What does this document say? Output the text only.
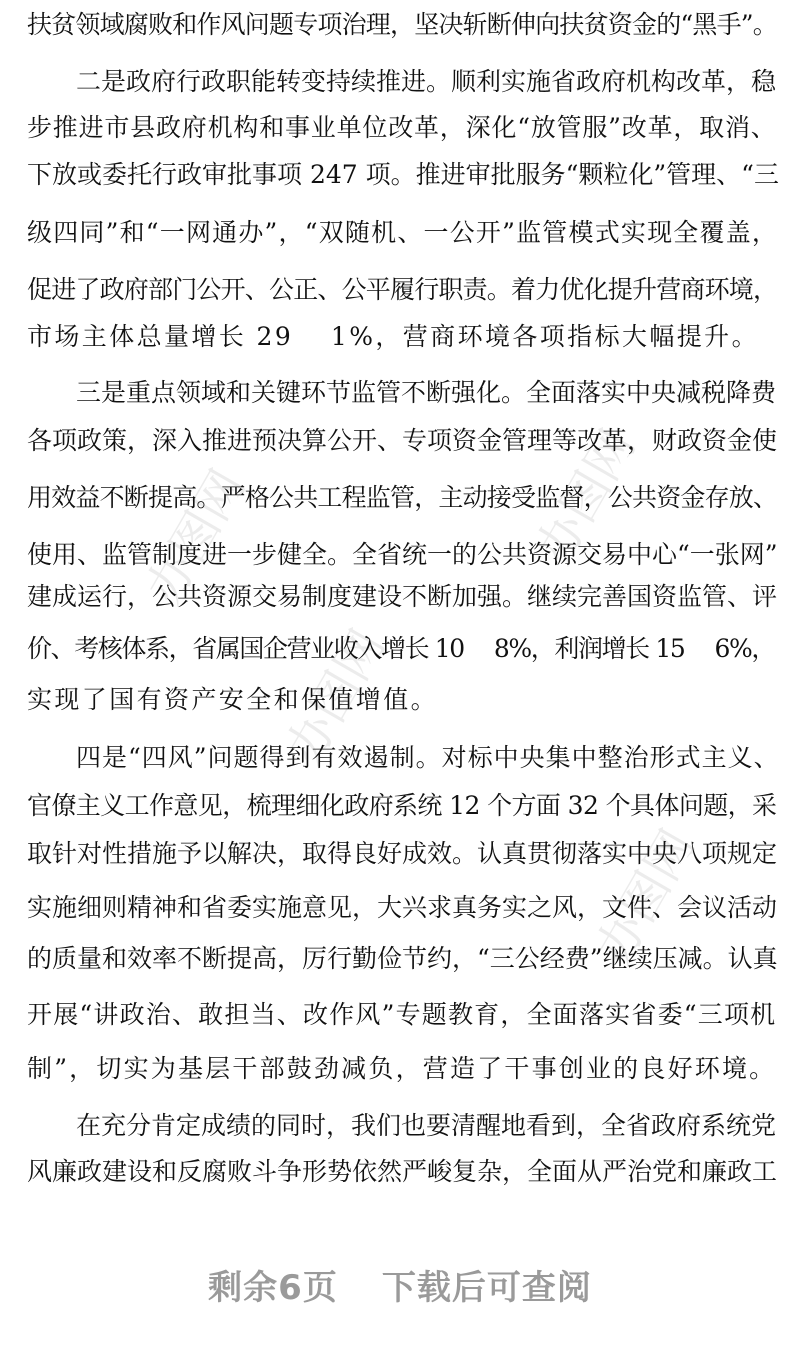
办图网	办图网
办图网
办图网
扶贫领域腐败和作风问题专项治理，坚决斩断伸向扶贫资金的“黑手”。
二是政府行政职能转变持续推进。顺利实施省政府机构改革，稳
步推进市县政府机构和事业单位改革，深化“放管服”改革，取消、
下放或委托行政审批事项 247 项。推进审批服务“颗粒化”管理、“三
级四同”和“一网通办”，“双随机、一公开”监管模式实现全覆盖，
促进了政府部门公开、公正、公平履行职责。着力优化提升营商环境，
市场主体总量增长 29　 1%，营商环境各项指标大幅提升。
三是重点领域和关键环节监管不断强化。全面落实中央减税降费
各项政策，深入推进预决算公开、专项资金管理等改革，财政资金使
用效益不断提高。严格公共工程监管，主动接受监督，公共资金存放、
使用、监管制度进一步健全。全省统一的公共资源交易中心“一张网”
建成运行，公共资源交易制度建设不断加强。继续完善国资监管、评
价、考核体系，省属国企营业收入增长 10　 8%，利润增长 15　 6%，
实现了国有资产安全和保值增值。
四是“四风”问题得到有效遏制。对标中央集中整治形式主义、
官僚主义工作意见，梳理细化政府系统 12 个方面 32 个具体问题，采
取针对性措施予以解决，取得良好成效。认真贯彻落实中央八项规定
实施细则精神和省委实施意见，大兴求真务实之风，文件、会议活动
的质量和效率不断提高，厉行勤俭节约，“三公经费”继续压减。认真
开展“讲政治、敢担当、改作风”专题教育，全面落实省委“三项机
制”，切实为基层干部鼓劲减负，营造了干事创业的良好环境。
在充分肯定成绩的同时，我们也要清醒地看到，全省政府系统党
风廉政建设和反腐败斗争形势依然严峻复杂，全面从严治党和廉政工
剩余6页 下载后可查阅
